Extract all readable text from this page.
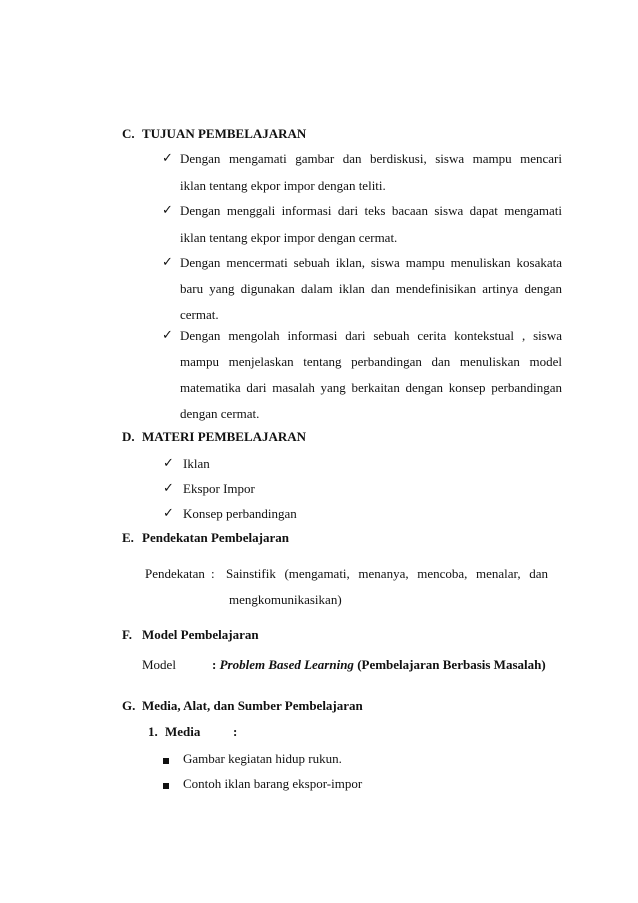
C. TUJUAN PEMBELAJARAN
✓ Dengan mengamati gambar dan berdiskusi, siswa mampu mencari
iklan tentang ekpor impor dengan teliti.
✓ Dengan menggali informasi dari teks bacaan siswa dapat mengamati
iklan tentang ekpor impor dengan cermat.
✓ Dengan mencermati sebuah iklan, siswa mampu menuliskan kosakata
baru yang digunakan dalam iklan dan mendefinisikan artinya dengan
cermat.
✓ Dengan mengolah informasi dari sebuah cerita kontekstual , siswa
mampu menjelaskan tentang perbandingan dan menuliskan model
matematika dari masalah yang berkaitan dengan konsep perbandingan
dengan cermat.
D. MATERI PEMBELAJARAN
✓ Iklan
✓ Ekspor Impor
✓ Konsep perbandingan
E. Pendekatan Pembelajaran
Pendekatan : Sainstifik (mengamati, menanya, mencoba, menalar, dan
mengkomunikasikan)
F. Model Pembelajaran
Model	: Problem Based Learning (Pembelajaran Berbasis Masalah)
G. Media, Alat, dan Sumber Pembelajaran
1. Media	:
Gambar kegiatan hidup rukun.
Contoh iklan barang ekspor-impor
